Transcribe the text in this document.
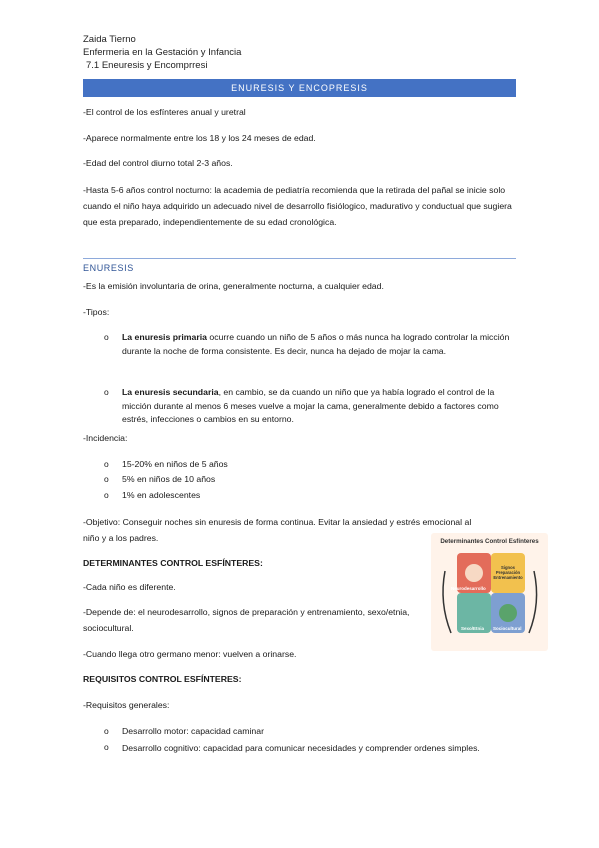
Zaida Tierno
Enfermeria en la Gestación y Infancia
7.1 Eneuresis y Encomprresi
ENURESIS Y ENCOPRESIS
-El control de los esfínteres anual y uretral
-Aparece normalmente entre los 18 y los 24 meses de edad.
-Edad del control diurno total 2-3 años.
-Hasta 5-6 años control nocturno: la academia de pediatría recomienda que la retirada del pañal se inicie solo cuando el niño haya adquirido un adecuado nivel de desarrollo fisiólogico, madurativo y conductual que sugiera que esta preparado, independientemente de su edad cronológica.
ENURESIS
-Es la emisión involuntaria de orina, generalmente nocturna, a cualquier edad.
-Tipos:
o La enuresis primaria ocurre cuando un niño de 5 años o más nunca ha logrado controlar la micción durante la noche de forma consistente. Es decir, nunca ha dejado de mojar la cama.
o La enuresis secundaria, en cambio, se da cuando un niño que ya había logrado el control de la micción durante al menos 6 meses vuelve a mojar la cama, generalmente debido a factores como estrés, infecciones o cambios en su entorno.
-Incidencia:
o 15-20% en niños de 5 años
o 5% en niños de 10 años
o 1% en adolescentes
-Objetivo: Conseguir noches sin enuresis de forma continua. Evitar la ansiedad y estrés emocional al niño y a los padres.
DETERMINANTES CONTROL ESFÍNTERES:
-Cada niño es diferente.
-Depende de: el neurodesarrollo, signos de preparación y entrenamiento, sexo/etnia, sociocultural.
-Cuando llega otro germano menor: vuelven a orinarse.
Determinantes Control Esfínteres
Neurodesarrollo
Signos Preparación Entrenamiento
Sexo/Etnia Sociocultural
REQUISITOS CONTROL ESFÍNTERES:
-Requisitos generales:
o Desarrollo motor: capacidad caminar
o Desarrollo cognitivo: capacidad para comunicar necesidades y comprender ordenes simples.
